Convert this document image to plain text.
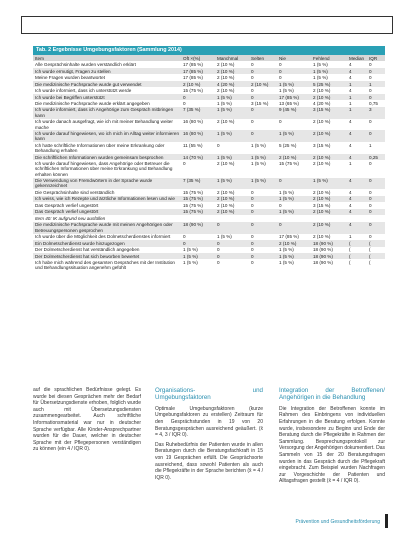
Tab. 2 Ergebnisse Umgebungsfaktoren (Sammlung 2014)
Item	Oft ×(%)	Manchmal	Selten	Nie	Fehlend	Median	IQR
Alle Gesprächsinhalte wurden verständlich erklärt	17 (85 %)	2 (10 %)	0	0	1 (5 %)	4	0
Ich wurde ermutigt, Fragen zu stellen	17 (85 %)	2 (10 %)	0	0	1 (5 %)	4	0
Meine Fragen wurden beantwortet	17 (85 %)	2 (10 %)	0	0	1 (5 %)	4	0
Die medizinische Fachsprache wurde gut verwendet	2 (10 %)	4 (20 %)	2 (10 %)	1 (5 %)	5 (25 %)	1	1
Ich wurde informiert, dass ich unterstützt werde	15 (75 %)	2 (10 %)	0	1 (5 %)	2 (10 %)	4	0
Ich wurde bei Begriffen unterstützt	0	1 (5 %)	0	17 (85 %)	2 (10 %)	1	0
Die medizinische Fachsprache wurde erklärt angegeben	0	1 (5 %)	3 (15 %)	13 (65 %)	4 (20 %)	1	0,75
Ich wurde informiert, dass ich Angehörige zum Gespräch mitbringen kann	7 (35 %)	1 (5 %)	0	9 (45 %)	3 (15 %)	1	3
Ich wurde danach ausgefragt, wie ich mit meiner Behandlung weiter mache	16 (80 %)	2 (10 %)	0	0	2 (10 %)	4	0
Ich wurde darauf hingewiesen, wo ich mich im Alltag weiter informieren kann	16 (80 %)	1 (5 %)	0	1 (5 %)	2 (10 %)	4	0
Ich hatte schriftliche Informationen über meine Erkrankung oder Behandlung erhalten	11 (55 %)	0	1 (5 %)	5 (25 %)	3 (15 %)	4	1
Die schriftlichen Informationen wurden gemeinsam besprochen	14 (70 %)	1 (5 %)	1 (5 %)	2 (10 %)	2 (10 %)	4	0,25
Ich wurde darauf hingewiesen, dass Angehörige oder Betreuer die schriftlichen Informationen über meine Erkrankung und Behandlung erhalten können	0	2 (10 %)	1 (5 %)	15 (75 %)	2 (10 %)	1	0
Die Verwendung von Fremdwörtern in der Sprache wurde gekennzeichnet	7 (35 %)	1 (5 %)	1 (5 %)	0	1 (5 %)	4	0
Die Gesprächsinhalte sind verständlich	15 (75 %)	2 (10 %)	0	1 (5 %)	2 (10 %)	4	0
Ich weiss, wie ich Rezepte und ärztliche Informationen lesen und wie	15 (75 %)	2 (10 %)	0	1 (5 %)	2 (10 %)	4	0
Das Gespräch verlief ungestört	15 (75 %)	2 (10 %)	0	0	3 (15 %)	4	0
Das Gespräch verlief ungestört	15 (75 %)	2 (10 %)	0	1 (5 %)	2 (10 %)	4	0
Item 40: IK aufgrund neu ausfüllen							
Die medizinische Fachsprache wurde mit meinen Angehörigen oder Betreuungspersonen gesprochen	18 (90 %)	0	0	0	2 (10 %)	4	0
Ich wurde über die Möglichkeit des Dolmetscherdienstes informiert	0	1 (5 %)	0	17 (85 %)	2 (10 %)	1	0
Ein Dolmetscherdienst wurde hinzugezogen	0	0	0	2 (10 %)	18 (90 %)	(	(
Der Dolmetscherdienst hat verständlich angegeben	1 (5 %)	0	0	1 (5 %)	18 (90 %)	(	(
Der Dolmetscherdienst hat sich beworben bewertet	1 (5 %)	0	0	1 (5 %)	18 (90 %)	(	(
Ich habe mich während des gesamten Gespräches mit der Institution und Behandlungssituation angenehm gefühlt	1 (5 %)	0	0	1 (5 %)	18 (90 %)	(	(

auf die sprachlichen Bedürfnisse gelegt. Es wurde bei diesen Gesprächen mehr der Bedarf für Übersetzungsdienste erhoben, folglich wurde auch mit Übersetzungsdiensten zusammengearbeitet. Auch schriftliche Informationsmaterial war nur in deutscher Sprache verfügbar. Alle Kinder-Ansprechpartner wurden für die Dauer, welcher in deutscher Sprache mit der Pflegepersonen verständigen zu können (ein 4 / IQR 0).

Organisations- und Umgebungsfaktoren

Optimale Umgebungsfaktoren (kurze Umgebungsfaktoren zu erstellen) Zeitraum für den Gesprächstunden in 19 von 20 Beratungsgesprächen ausreichend geäußert. (x̄ = 4, 3 / IQR 0).

Das Ruhebedürfnis der Patienten wurde in allen Beratungen durch die Beratungsfachkraft in 15 von 19 Gesprächen erfüllt. Die Gesprächsorte ausreichend, dass sowohl Patienten als auch die Pflegekräfte in der Sprache berichten (x̄ = 4 / IQR 0).

Integration der Betroffenen/ Angehörigen in die Behandlung

Die Integration der Betroffenen konnte im Rahmen des Einbringens von individuellen Erfahrungen in die Beratung erfolgen. Konnte wurde, insbesondere zu Beginn und Ende der Beratung durch die Pflegekräfte in Rahmen der Sammlung. Besprechungsprotokoll zur Versorgung der Angehörigen dokumentiert. Das Sammeln von 15 der 20 Beratungsfragen wurden in das Gespräch durch die Pflegekraft eingebracht. Zum Beispiel wurden Nachfragen zur Vorgeschichte der Patienten und Alltagsfragen gestellt (x̄ = 4 / IQR 0).

Prävention und Gesundheitsförderung
